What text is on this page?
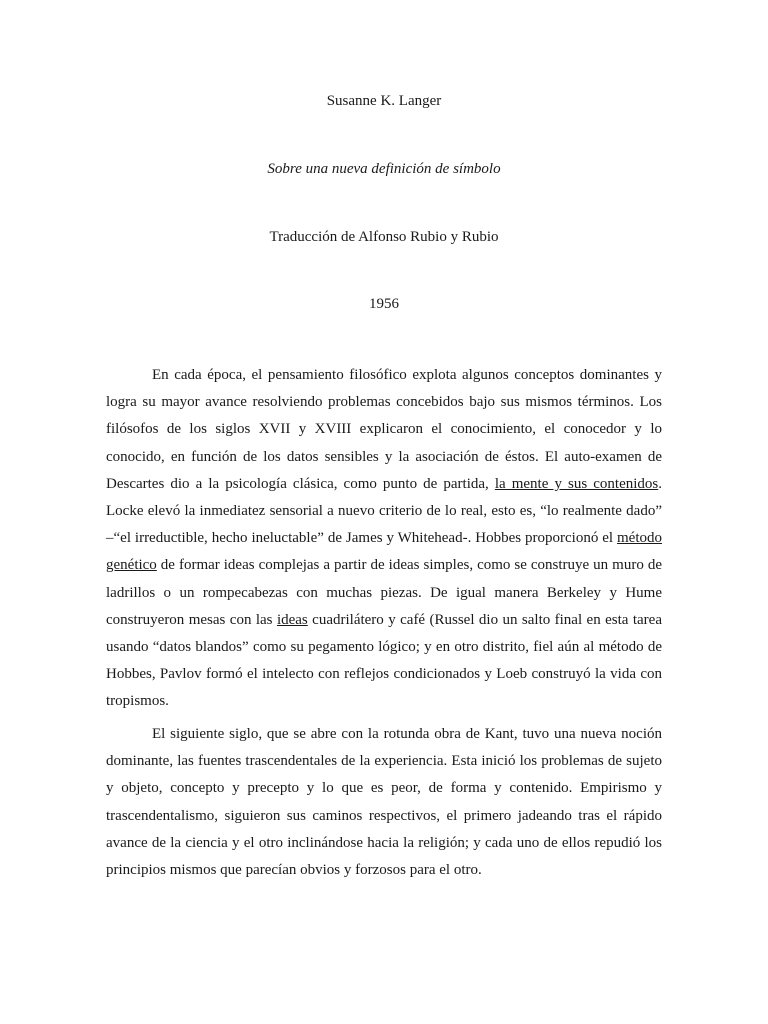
Susanne K. Langer
Sobre una nueva definición de símbolo
Traducción de Alfonso Rubio y Rubio
1956

En cada época, el pensamiento filosófico explota algunos conceptos dominantes y logra su mayor avance resolviendo problemas concebidos bajo sus mismos términos. Los filósofos de los siglos XVII y XVIII explicaron el conocimiento, el conocedor y lo conocido, en función de los datos sensibles y la asociación de éstos. El auto-examen de Descartes dio a la psicología clásica, como punto de partida, la mente y sus contenidos. Locke elevó la inmediatez sensorial a nuevo criterio de lo real, esto es, “lo realmente dado” –“el irreductible, hecho ineluctable” de James y Whitehead-. Hobbes proporcionó el método genético de formar ideas complejas a partir de ideas simples, como se construye un muro de ladrillos o un rompecabezas con muchas piezas. De igual manera Berkeley y Hume construyeron mesas con las ideas cuadrilátero y café (Russel dio un salto final en esta tarea usando “datos blandos” como su pegamento lógico; y en otro distrito, fiel aún al método de Hobbes, Pavlov formó el intelecto con reflejos condicionados y Loeb construyó la vida con tropismos.

El siguiente siglo, que se abre con la rotunda obra de Kant, tuvo una nueva noción dominante, las fuentes trascendentales de la experiencia. Esta inició los problemas de sujeto y objeto, concepto y precepto y lo que es peor, de forma y contenido. Empirismo y trascendentalismo, siguieron sus caminos respectivos, el primero jadeando tras el rápido avance de la ciencia y el otro inclinándose hacia la religión; y cada uno de ellos repudió los principios mismos que parecían obvios y forzosos para el otro.
